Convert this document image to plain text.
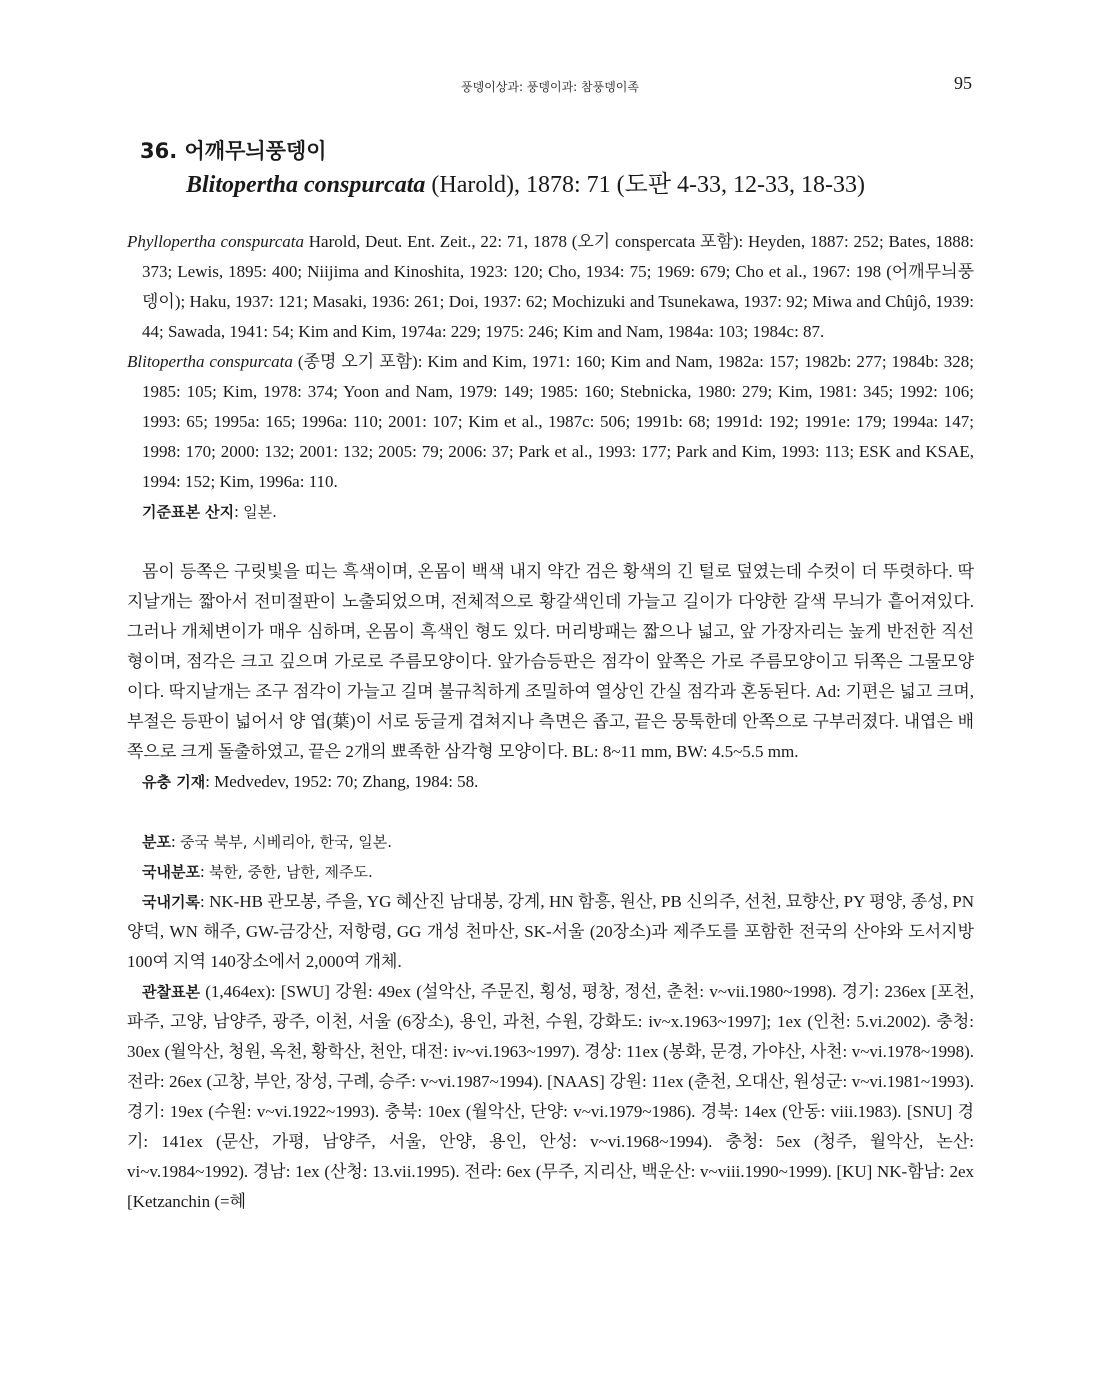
풍뎅이상과: 풍뎅이과: 참풍뎅이족	95
36. 어깨무늬풍뎅이
Blitopertha conspurcata (Harold), 1878: 71 (도판 4-33, 12-33, 18-33)

Phyllopertha conspurcata Harold, Deut. Ent. Zeit., 22: 71, 1878 (오기 conspercata 포함): Heyden, 1887: 252; Bates, 1888: 373; Lewis, 1895: 400; Niijima and Kinoshita, 1923: 120; Cho, 1934: 75; 1969: 679; Cho et al., 1967: 198 (어깨무늬풍뎅이); Haku, 1937: 121; Masaki, 1936: 261; Doi, 1937: 62; Mochizuki and Tsunekawa, 1937: 92; Miwa and Chûjô, 1939: 44; Sawada, 1941: 54; Kim and Kim, 1974a: 229; 1975: 246; Kim and Nam, 1984a: 103; 1984c: 87.

Blitopertha conspurcata (종명 오기 포함): Kim and Kim, 1971: 160; Kim and Nam, 1982a: 157; 1982b: 277; 1984b: 328; 1985: 105; Kim, 1978: 374; Yoon and Nam, 1979: 149; 1985: 160; Stebnicka, 1980: 279; Kim, 1981: 345; 1992: 106; 1993: 65; 1995a: 165; 1996a: 110; 2001: 107; Kim et al., 1987c: 506; 1991b: 68; 1991d: 192; 1991e: 179; 1994a: 147; 1998: 170; 2000: 132; 2001: 132; 2005: 79; 2006: 37; Park et al., 1993: 177; Park and Kim, 1993: 113; ESK and KSAE, 1994: 152; Kim, 1996a: 110.

기준표본 산지: 일본.

몸이 등쪽은 구릿빛을 띠는 흑색이며, 온몸이 백색 내지 약간 검은 황색의 긴 털로 덮였는데 수컷이 더 뚜렷하다. 딱지날개는 짧아서 전미절판이 노출되었으며, 전체적으로 황갈색인데 가늘고 길이가 다양한 갈색 무늬가 흩어져있다. 그러나 개체변이가 매우 심하며, 온몸이 흑색인 형도 있다. 머리방패는 짧으나 넓고, 앞 가장자리는 높게 반전한 직선형이며, 점각은 크고 깊으며 가로로 주름모양이다. 앞가슴등판은 점각이 앞쪽은 가로 주름모양이고 뒤쪽은 그물모양이다. 딱지날개는 조구 점각이 가늘고 길며 불규칙하게 조밀하여 열상인 간실 점각과 혼동된다. Ad: 기편은 넓고 크며, 부절은 등판이 넓어서 양 엽(葉)이 서로 둥글게 겹쳐지나 측면은 좁고, 끝은 뭉툭한데 안쪽으로 구부러졌다. 내엽은 배쪽으로 크게 돌출하였고, 끝은 2개의 뾰족한 삼각형 모양이다. BL: 8~11 mm, BW: 4.5~5.5 mm.

유충 기재: Medvedev, 1952: 70; Zhang, 1984: 58.

분포: 중국 북부, 시베리아, 한국, 일본.

국내분포: 북한, 중한, 남한, 제주도.

국내기록: NK-HB 관모봉, 주을, YG 혜산진 남대봉, 강계, HN 함흥, 원산, PB 신의주, 선천, 묘향산, PY 평양, 종성, PN 양덕, WN 해주, GW-금강산, 저항령, GG 개성 천마산, SK-서울 (20장소)과 제주도를 포함한 전국의 산야와 도서지방 100여 지역 140장소에서 2,000여 개체.

관찰표본 (1,464ex): [SWU] 강원: 49ex (설악산, 주문진, 횡성, 평창, 정선, 춘천: v~vii.1980~1998). 경기: 236ex [포천, 파주, 고양, 남양주, 광주, 이천, 서울 (6장소), 용인, 과천, 수원, 강화도: iv~x.1963~1997]; 1ex (인천: 5.vi.2002). 충청: 30ex (월악산, 청원, 옥천, 황학산, 천안, 대전: iv~vi.1963~1997). 경상: 11ex (봉화, 문경, 가야산, 사천: v~vi.1978~1998). 전라: 26ex (고창, 부안, 장성, 구례, 승주: v~vi.1987~1994). [NAAS] 강원: 11ex (춘천, 오대산, 원성군: v~vi.1981~1993). 경기: 19ex (수원: v~vi.1922~1993). 충북: 10ex (월악산, 단양: v~vi.1979~1986). 경북: 14ex (안동: viii.1983). [SNU] 경기: 141ex (문산, 가평, 남양주, 서울, 안양, 용인, 안성: v~vi.1968~1994). 충청: 5ex (청주, 월악산, 논산: vi~v.1984~1992). 경남: 1ex (산청: 13.vii.1995). 전라: 6ex (무주, 지리산, 백운산: v~viii.1990~1999). [KU] NK-함남: 2ex [Ketzanchin (=혜
